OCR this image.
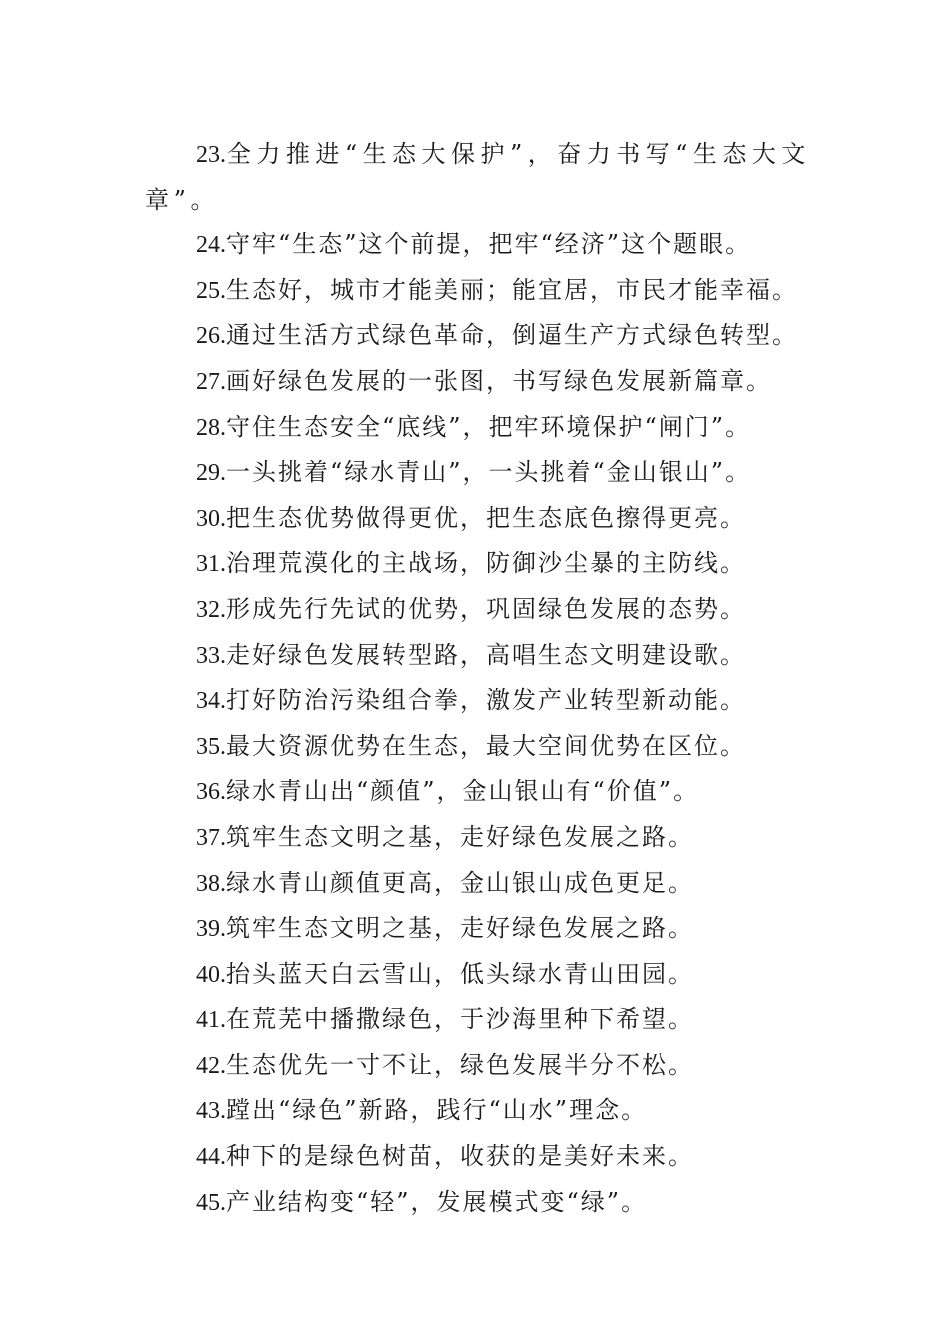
23.全力推进“生态大保护”，奋力书写“生态大文章”。

24.守牢“生态”这个前提，把牢“经济”这个题眼。

25.生态好，城市才能美丽；能宜居，市民才能幸福。

26.通过生活方式绿色革命，倒逼生产方式绿色转型。

27.画好绿色发展的一张图，书写绿色发展新篇章。

28.守住生态安全“底线”，把牢环境保护“闸门”。

29.一头挑着“绿水青山”，一头挑着“金山银山”。

30.把生态优势做得更优，把生态底色擦得更亮。

31.治理荒漠化的主战场，防御沙尘暴的主防线。

32.形成先行先试的优势，巩固绿色发展的态势。

33.走好绿色发展转型路，高唱生态文明建设歌。

34.打好防治污染组合拳，激发产业转型新动能。

35.最大资源优势在生态，最大空间优势在区位。

36.绿水青山出“颜值”，金山银山有“价值”。

37.筑牢生态文明之基，走好绿色发展之路。

38.绿水青山颜值更高，金山银山成色更足。

39.筑牢生态文明之基，走好绿色发展之路。

40.抬头蓝天白云雪山，低头绿水青山田园。

41.在荒芜中播撒绿色，于沙海里种下希望。

42.生态优先一寸不让，绿色发展半分不松。

43.蹚出“绿色”新路，践行“山水”理念。

44.种下的是绿色树苗，收获的是美好未来。

45.产业结构变“轻”，发展模式变“绿”。
